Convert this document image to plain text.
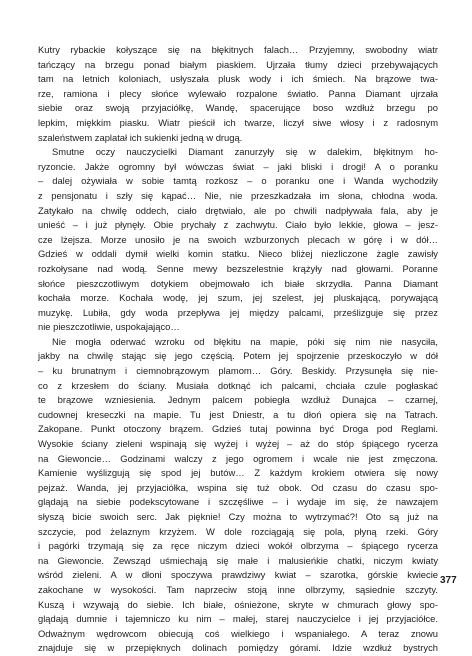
Kutry rybackie kołyszące się na błękitnych falach… Przyjemny, swobodny wiatr
tańczący na brzegu ponad białym piaskiem. Ujrzała tłumy dzieci przebywających
tam na letnich koloniach, usłyszała plusk wody i ich śmiech. Na brązowe twa-
rze, ramiona i plecy słońce wylewało rozpalone światło. Panna Diamant ujrzała
siebie oraz swoją przyjaciółkę, Wandę, spacerujące boso wzdłuż brzegu po
lepkim, miękkim piasku. Wiatr pieścił ich twarze, liczył siwe włosy i z radosnym
szaleństwem zaplatał ich sukienki jedną w drugą.
Smutne oczy nauczycielki Diamant zanurzyły się w dalekim, błękitnym ho-
ryzoncie. Jakże ogromny był wówczas świat – jaki bliski i drogi! A o poranku
– dalej ożywiała w sobie tamtą rozkosz – o poranku one i Wanda wychodziły
z pensjonatu i szły się kąpać… Nie, nie przeszkadzała im słona, chłodna woda.
Zatykało na chwilę oddech, ciało drętwiało, ale po chwili nadpływała fala, aby je
unieść – i już płynęły. Obie prychały z zachwytu. Ciało było lekkie, głowa – jesz-
cze lżejsza. Morze unosiło je na swoich wzburzonych plecach w górę i w dół…
Gdzieś w oddali dymił wielki komin statku. Nieco bliżej niezliczone żagle zawisły
rozkołysane nad wodą. Senne mewy bezszelestnie krążyły nad głowami. Poranne
słońce pieszczotliwym dotykiem obejmowało ich białe skrzydła. Panna Diamant
kochała morze. Kochała wodę, jej szum, jej szelest, jej pluskającą, porywającą
muzykę. Lubiła, gdy woda przepływa jej między palcami, prześlizguje się przez
nie pieszczotliwie, uspokajająco…
Nie mogła oderwać wzroku od błękitu na mapie, póki się nim nie nasyciła,
jakby na chwilę stając się jego częścią. Potem jej spojrzenie przeskoczyło w dół
– ku brunatnym i ciemnobrązowym plamom… Góry. Beskidy. Przysunęła się nie-
co z krzesłem do ściany. Musiała dotknąć ich palcami, chciała czule pogłaskać
te brązowe wzniesienia. Jednym palcem pobiegła wzdłuż Dunajca – czarnej,
cudownej kreseczki na mapie. Tu jest Dniestr, a tu dłoń opiera się na Tatrach.
Zakopane. Punkt otoczony brązem. Gdzieś tutaj powinna być Droga pod Reglami.
Wysokie ściany zieleni wspinają się wyżej i wyżej – aż do stóp śpiącego rycerza
na Giewoncie… Godzinami walczy z jego ogromem i wcale nie jest zmęczona.
Kamienie wyślizgują się spod jej butów… Z każdym krokiem otwiera się nowy
pejzaż. Wanda, jej przyjaciółka, wspina się tuż obok. Od czasu do czasu spo-
glądają na siebie podekscytowane i szczęśliwe – i wydaje im się, że nawzajem
słyszą bicie swoich serc. Jak pięknie! Czy można to wytrzymać?! Oto są już na
szczycie, pod żelaznym krzyżem. W dole rozciągają się pola, płyną rzeki. Góry
i pagórki trzymają się za ręce niczym dzieci wokół olbrzyma – śpiącego rycerza
na Giewoncie. Zewsząd uśmiechają się małe i malusieńkie chatki, niczym kwiaty
wśród zieleni. A w dłoni spoczywa prawdziwy kwiat – szarotka, górskie kwiecie
zakochane w wysokości. Tam naprzeciw stoją inne olbrzymy, sąsiednie szczyty.
Kuszą i wzywają do siebie. Ich białe, ośnieżone, skryte w chmurach głowy spo-
glądają dumnie i tajemniczo ku nim – małej, starej nauczycielce i jej przyjaciółce.
Odważnym wędrowcom obiecują coś wielkiego i wspaniałego. A teraz znowu
znajduje się w przepięknych dolinach pomiędzy górami. Idzie wzdłuż bystrych
377
